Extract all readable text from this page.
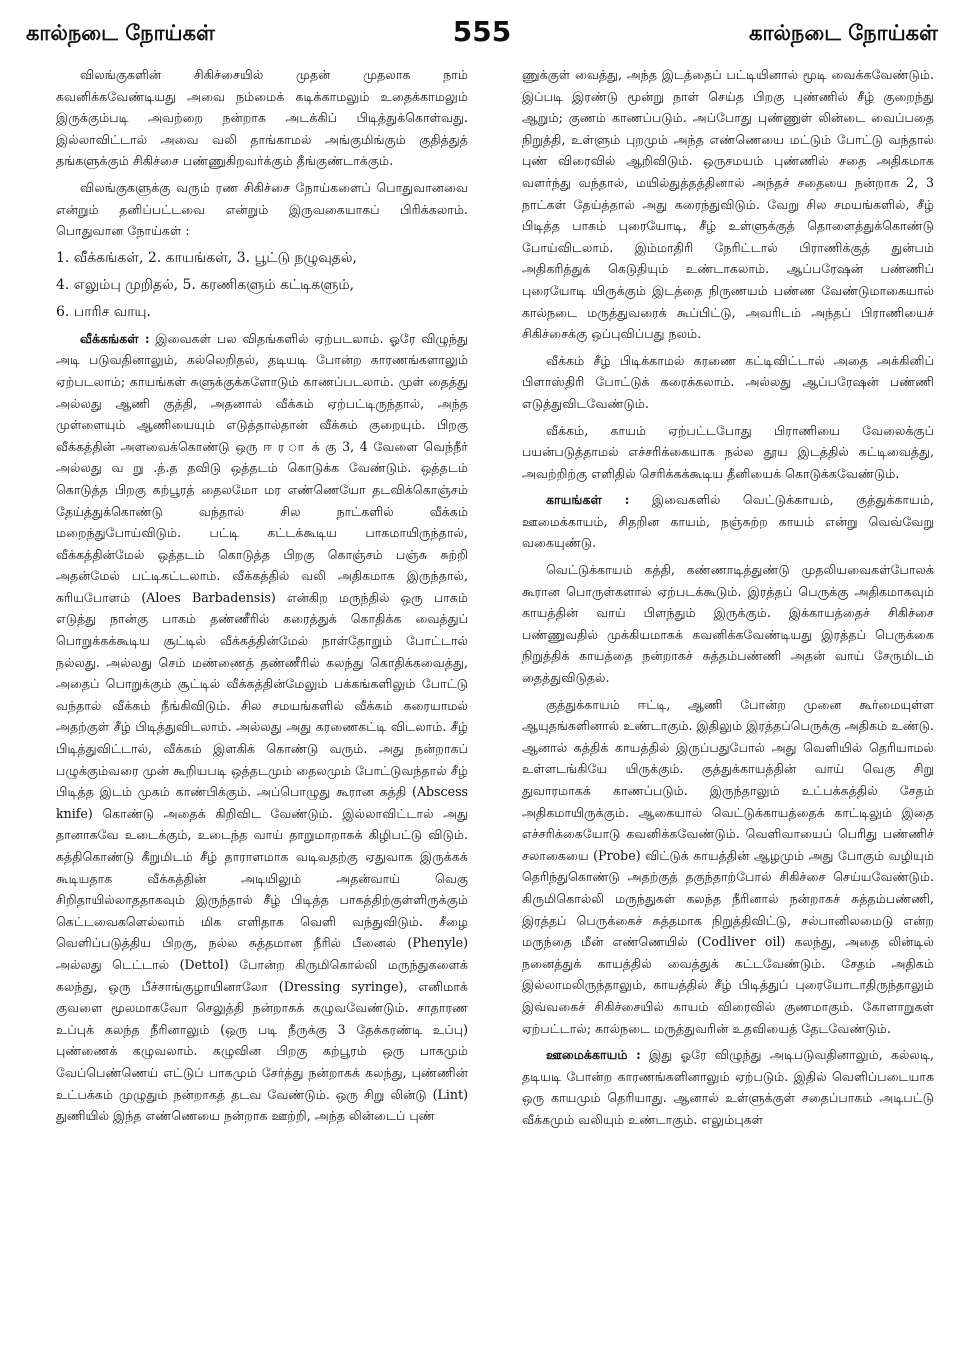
கால்நடை நோய்கள்	555	கால்நடை நோய்கள்

விலங்குகளின் சிகிச்சையில் முதன் முதலாக நாம் கவனிக்கவேண்டியது அவை நம்மைக் கடிக்காமலும் உதைக்காமலும் இருக்கும்படி அவற்றை நன்றாக அடக்கிப் பிடித்துக்கொள்வது. இல்லாவிட்டால் அவை வலி தாங்காமல் அங்குமிங்கும் குதித்துத் தங்களுக்கும் சிகிச்சை பண்ணுகிறவர்க்கும் தீங்குண்டாக்கும்.

விலங்குகளுக்கு வரும் ரண சிகிச்சை நோய்களைப் பொதுவானவை என்றும் தனிப்பட்டவை என்றும் இருவகையாகப் பிரிக்கலாம். பொதுவான நோய்கள் :

1. வீக்கங்கள், 2. காயங்கள், 3. பூட்டு நழுவுதல்,

4. எலும்பு முறிதல், 5. கரணிகளும் கட்டிகளும்,

6. பாரிச வாயு.

வீக்கங்கள் : இவைகள் பல விதங்களில் ஏற்படலாம். ஓரே விழுந்து அடி படுவதினாலும், கல்லெறிதல், தடியடி போன்ற காரணங்களாலும் ஏற்படலாம்; காயங்கள் சுளுக்குக்களோடும் காணப்படலாம். முள் தைத்து அல்லது ஆணி குத்தி, அதனால் வீக்கம் ஏற்பட்டிருந்தால், அந்த முள்ளையும் ஆணியையும் எடுத்தால்தான் வீக்கம் குறையும். பிறகு வீக்கத்தின் அளவைக்கொண்டு ஒரு ஈ ர ா க் கு 3, 4 வேளை வெந்நீர் அல்லது வ று .த்.த தவிடு ஒத்தடம் கொடுக்க வேண்டும். ஒத்தடம் கொடுத்த பிறகு கற்பூரத் தைலமோ மர எண்ணெயோ தடவிக்கொஞ்சம் தேய்த்துக்கொண்டு வந்தால் சில நாட்களில் வீக்கம் மறைந்துபோய்விடும். பட்டி கட்டக்கூடிய பாகமாயிருந்தால், வீக்கத்தின்மேல் ஒத்தடம் கொடுத்த பிறகு கொஞ்சம் பஞ்சு சுற்றி அதன்மேல் பட்டிகட்டலாம். வீக்கத்தில் வலி அதிகமாக இருந்தால், கரியபோளம் (Aloes Barbadensis) என்கிற மருந்தில் ஒரு பாகம் எடுத்து நான்கு பாகம் தண்ணீரில் கரைத்துக் கொதிக்க வைத்துப் பொறுக்கக்கூடிய சூட்டில் வீக்கத்தின்மேல் நாள்தோறும் போட்டால் நல்லது. அல்லது செம் மண்ணைத் தண்ணீரில் கலந்து கொதிக்கவைத்து, அதைப் பொறுக்கும் சூட்டில் வீக்கத்தின்மேலும் பக்கங்களிலும் போட்டு வந்தால் வீக்கம் நீங்கிவிடும். சில சமயங்களில் வீக்கம் கரையாமல் அதற்குள் சீழ் பிடித்துவிடலாம். அல்லது அது கரணைகட்டி விடலாம். சீழ் பிடித்துவிட்டால், வீக்கம் இளகிக் கொண்டு வரும். அது நன்றாகப் பழுக்கும்வரை முன் கூறியபடி ஒத்தடமும் தைலமும் போட்டுவந்தால் சீழ் பிடித்த இடம் முகம் காண்பிக்கும். அப்பொழுது கூரான கத்தி (Abscess knife) கொண்டு அதைக் கிறிவிட வேண்டும். இல்லாவிட்டால் அது தானாகவே உடைக்கும், உடைந்த வாய் தாறுமாறாகக் கிழிபட்டு விடும். கத்திகொண்டு கீறுமிடம் சீழ் தாராளமாக வடிவதற்கு ஏதுவாக இருக்கக் கூடியதாக வீக்கத்தின் அடியிலும் அதன்வாய் வெகு சிறிதாயில்லாததாகவும் இருந்தால் சீழ் பிடித்த பாகத்திற்குள்ளிருக்கும் கெட்டவைகளெல்லாம் மிக எளிதாக வெளி வந்துவிடும். சீழை வெளிப்படுத்திய பிறகு, நல்ல சுத்தமான நீரில் பீனைல் (Phenyle) அல்லது டெட்டால் (Dettol) போன்ற கிருமிகொல்லி மருந்துகளைக் கலந்து, ஒரு பீச்சாங்குழாயினாலோ (Dressing syringe), எனிமாக் குவளை மூலமாகவோ செலுத்தி நன்றாகக் கழுவவேண்டும். சாதாரண உப்புக் கலந்த நீரினாலும் (ஒரு படி நீருக்கு 3 தேக்கரண்டி உப்பு) புண்ணைக் கழுவலாம். கழுவின பிறகு கற்பூரம் ஒரு பாகமும் வேப்பெண்ணெய் எட்டுப் பாகமும் சேர்த்து நன்றாகக் கலந்து, புண்ணின் உட்பக்கம் முழுதும் நன்றாகத் தடவ வேண்டும். ஒரு சிறு லின்டு (Lint) துணியில் இந்த எண்ணெயை நன்றாக ஊற்றி, அந்த லின்டைப் புண்

ணுக்குள் வைத்து, அந்த இடத்தைப் பட்டியினால் மூடி வைக்கவேண்டும். இப்படி இரண்டு மூன்று நாள் செய்த பிறகு புண்ணில் சீழ் குறைந்து ஆறும்; குணம் காணப்படும். அப்போது புண்ணுள் லின்டை வைப்பதை நிறுத்தி, உள்ளும் புறமும் அந்த எண்ணெயை மட்டும் போட்டு வந்தால் புண் விரைவில் ஆறிவிடும். ஒருசமயம் புண்ணில் சதை அதிகமாக வளர்ந்து வந்தால், மயில்துத்தத்தினால் அந்தச் சதையை நன்றாக 2, 3 நாட்கள் தேய்த்தால் அது கரைந்துவிடும். வேறு சில சமயங்களில், சீழ் பிடித்த பாகம் புரையோடி, சீழ் உள்ளுக்குத் தொளைத்துக்கொண்டு போய்விடலாம். இம்மாதிரி நேரிட்டால் பிராணிக்குத் துன்பம் அதிகரித்துக் கெடுதியும் உண்டாகலாம். ஆப்பரேஷன் பண்ணிப் புரையோடி யிருக்கும் இடத்தை நிருணயம் பண்ண வேண்டுமாகையால் கால்நடை மருத்துவரைக் கூப்பிட்டு, அவரிடம் அந்தப் பிராணியைச் சிகிச்சைக்கு ஒப்புவிப்பது நலம்.

வீக்கம் சீழ் பிடிக்காமல் கரணை கட்டிவிட்டால் அதை அக்கினிப் பிளாஸ்திரி போட்டுக் கரைக்கலாம். அல்லது ஆப்பரேஷன் பண்ணி எடுத்துவிடவேண்டும்.

வீக்கம், காயம் ஏற்பட்டபோது பிராணியை வேலைக்குப் பயன்படுத்தாமல் எச்சரிக்கையாக நல்ல தூய இடத்தில் கட்டிவைத்து, அவற்றிற்கு எளிதில் செரிக்கக்கூடிய தீனியைக் கொடுக்கவேண்டும்.

காயங்கள் : இவைகளில் வெட்டுக்காயம், குத்துக்காயம், ஊமைக்காயம், சிதறின காயம், நஞ்சுற்ற காயம் என்று வெவ்வேறு வகையுண்டு.

வெட்டுக்காயம் கத்தி, கண்ணாடித்துண்டு முதலியவைகள்போலக் கூரான பொருள்களால் ஏற்படக்கூடும். இரத்தப் பெருக்கு அதிகமாகவும் காயத்தின் வாய் பிளந்தும் இருக்கும். இக்காயத்தைச் சிகிச்சை பண்ணுவதில் முக்கியமாகக் கவனிக்கவேண்டியது இரத்தப் பெருக்கை நிறுத்திக் காயத்தை நன்றாகச் சுத்தம்பண்ணி அதன் வாய் சேருமிடம் தைத்துவிடுதல்.

குத்துக்காயம் ஈட்டி, ஆணி போன்ற முனை கூர்மையுள்ள ஆயுதங்களினால் உண்டாகும். இதிலும் இரத்தப்பெருக்கு அதிகம் உண்டு. ஆனால் கத்திக் காயத்தில் இருப்பதுபோல் அது வெளியில் தெரியாமல் உள்ளடங்கியே யிருக்கும். குத்துக்காயத்தின் வாய் வெகு சிறு துவாரமாகக் காணப்படும். இருந்தாலும் உட்பக்கத்தில் சேதம் அதிகமாயிருக்கும். ஆகையால் வெட்டுக்காயத்தைக் காட்டிலும் இதை எச்சரிக்கையோடு கவனிக்கவேண்டும். வெளிவாயைப் பெரிது பண்ணிச் சலாகையை (Probe) விட்டுக் காயத்தின் ஆழமும் அது போகும் வழியும் தெரிந்துகொண்டு அதற்குத் தகுந்தாற்போல் சிகிச்சை செய்யவேண்டும். கிருமிகொல்லி மருந்துகள் கலந்த நீரினால் நன்றாகச் சுத்தம்பண்ணி, இரத்தப் பெருக்கைச் சுத்தமாக நிறுத்திவிட்டு, சல்பானிலமைடு என்ற மருந்தை மீன் எண்ணெயில் (Codliver oil) கலந்து, அதை லின்டில் நனைத்துக் காயத்தில் வைத்துக் கட்டவேண்டும். சேதம் அதிகம் இல்லாமலிருந்தாலும், காயத்தில் சீழ் பிடித்துப் புரையோடாதிருந்தாலும் இவ்வகைச் சிகிச்சையில் காயம் விரைவில் குணமாகும். கோளாறுகள் ஏற்பட்டால்; கால்நடை மருத்துவரின் உதவியைத் தேடவேண்டும்.

ஊமைக்காயம் : இது ஓரே விழுந்து அடிபடுவதினாலும், கல்லடி, தடியடி போன்ற காரணங்களினாலும் ஏற்படும். இதில் வெளிப்படையாக ஒரு காயமும் தெரியாது. ஆனால் உள்ளுக்குள் சதைப்பாகம் அடிபட்டு வீக்கமும் வலியும் உண்டாகும். எலும்புகள்
